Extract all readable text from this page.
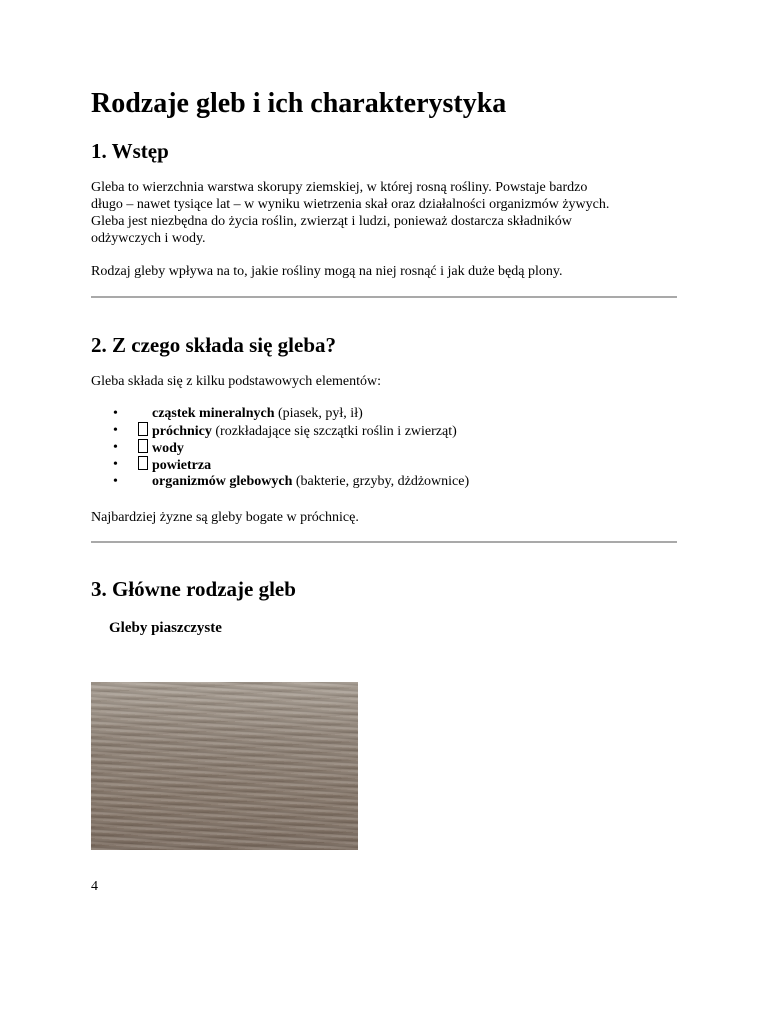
Rodzaje gleb i ich charakterystyka
1. Wstęp

Gleba to wierzchnia warstwa skorupy ziemskiej, w której rosną rośliny. Powstaje bardzo

długo – nawet tysiące lat – w wyniku wietrzenia skał oraz działalności organizmów żywych.

Gleba jest niezbędna do życia roślin, zwierząt i ludzi, ponieważ dostarcza składników

odżywczych i wody.

Rodzaj gleby wpływa na to, jakie rośliny mogą na niej rosnąć i jak duże będą plony.

2. Z czego składa się gleba?

Gleba składa się z kilku podstawowych elementów:

• cząstek mineralnych (piasek, pył, ił)
• próchnicy (rozkładające się szczątki roślin i zwierząt)
• wody
• powietrza
• organizmów glebowych (bakterie, grzyby, dżdżownice)

Najbardziej żyzne są gleby bogate w próchnicę.

3. Główne rodzaje gleb

Gleby piaszczyste

4
